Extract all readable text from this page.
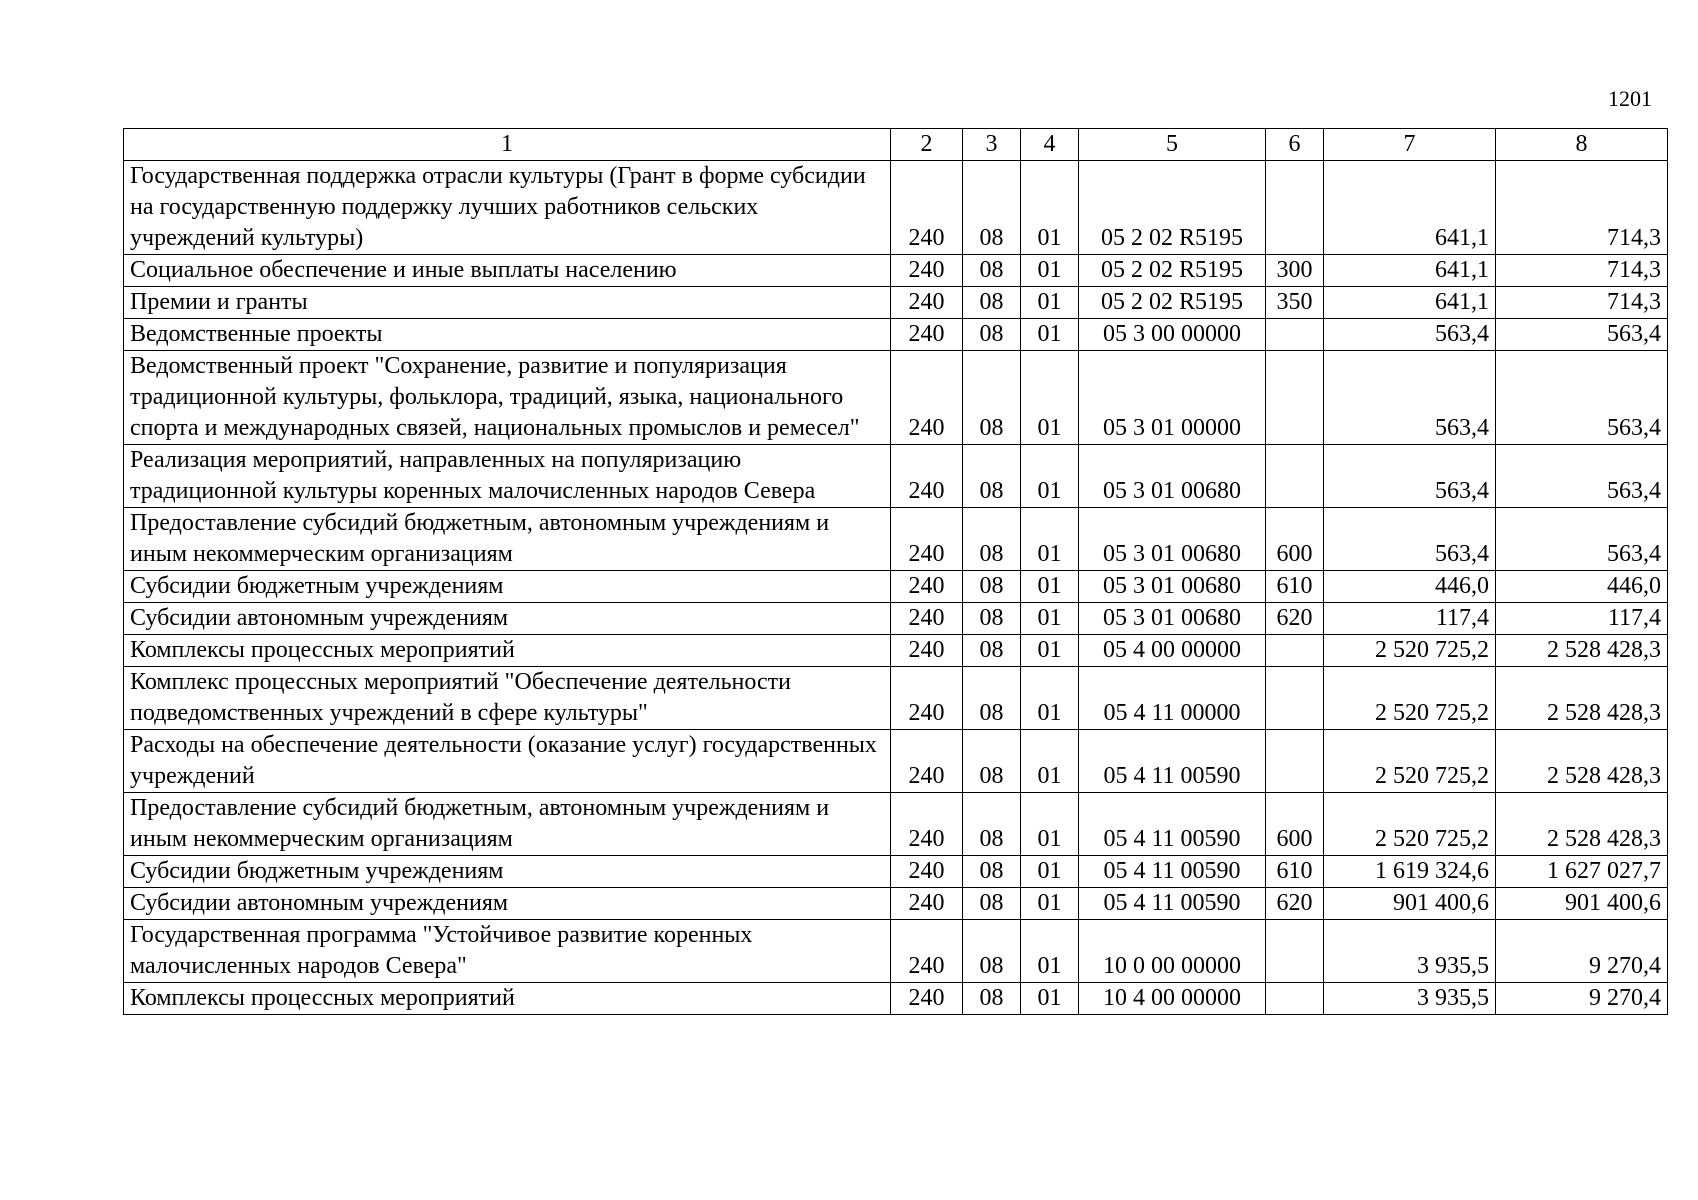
1201
1	2	3	4	5	6	7	8
Государственная поддержка отрасли культуры (Грант в форме субсидии на государственную поддержку лучших работников сельских учреждений культуры)	240	08	01	05 2 02 R5195		641,1	714,3
Социальное обеспечение и иные выплаты населению	240	08	01	05 2 02 R5195	300	641,1	714,3
Премии и гранты	240	08	01	05 2 02 R5195	350	641,1	714,3
Ведомственные проекты	240	08	01	05 3 00 00000		563,4	563,4
Ведомственный проект "Сохранение, развитие и популяризация традиционной культуры, фольклора, традиций, языка, национального спорта и международных связей, национальных промыслов и ремесел"	240	08	01	05 3 01 00000		563,4	563,4
Реализация мероприятий, направленных на популяризацию традиционной культуры коренных малочисленных народов Севера	240	08	01	05 3 01 00680		563,4	563,4
Предоставление субсидий бюджетным, автономным учреждениям и иным некоммерческим организациям	240	08	01	05 3 01 00680	600	563,4	563,4
Субсидии бюджетным учреждениям	240	08	01	05 3 01 00680	610	446,0	446,0
Субсидии автономным учреждениям	240	08	01	05 3 01 00680	620	117,4	117,4
Комплексы процессных мероприятий	240	08	01	05 4 00 00000		2 520 725,2	2 528 428,3
Комплекс процессных мероприятий "Обеспечение деятельности подведомственных учреждений в сфере культуры"	240	08	01	05 4 11 00000		2 520 725,2	2 528 428,3
Расходы на обеспечение деятельности (оказание услуг) государственных учреждений	240	08	01	05 4 11 00590		2 520 725,2	2 528 428,3
Предоставление субсидий бюджетным, автономным учреждениям и иным некоммерческим организациям	240	08	01	05 4 11 00590	600	2 520 725,2	2 528 428,3
Субсидии бюджетным учреждениям	240	08	01	05 4 11 00590	610	1 619 324,6	1 627 027,7
Субсидии автономным учреждениям	240	08	01	05 4 11 00590	620	901 400,6	901 400,6
Государственная программа "Устойчивое развитие коренных малочисленных народов Севера"	240	08	01	10 0 00 00000		3 935,5	9 270,4
Комплексы процессных мероприятий	240	08	01	10 4 00 00000		3 935,5	9 270,4
